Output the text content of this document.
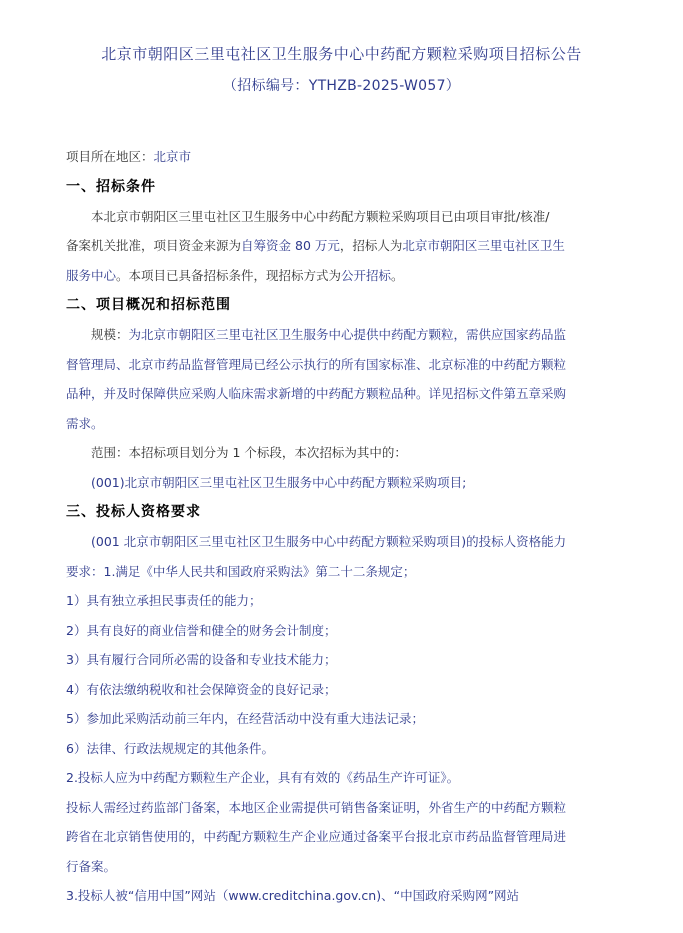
北京市朝阳区三里屯社区卫生服务中心中药配方颗粒采购项目招标公告
（招标编号：YTHZB-2025-W057）

项目所在地区：北京市

一、招标条件

本北京市朝阳区三里屯社区卫生服务中心中药配方颗粒采购项目已由项目审批/核准/

备案机关批准，项目资金来源为自筹资金 80 万元，招标人为北京市朝阳区三里屯社区卫生

服务中心。本项目已具备招标条件，现招标方式为公开招标。

二、项目概况和招标范围

规模：为北京市朝阳区三里屯社区卫生服务中心提供中药配方颗粒，需供应国家药品监

督管理局、北京市药品监督管理局已经公示执行的所有国家标准、北京标准的中药配方颗粒

品种，并及时保障供应采购人临床需求新增的中药配方颗粒品种。详见招标文件第五章采购

需求。

范围：本招标项目划分为 1 个标段，本次招标为其中的：

(001)北京市朝阳区三里屯社区卫生服务中心中药配方颗粒采购项目;

三、投标人资格要求

(001 北京市朝阳区三里屯社区卫生服务中心中药配方颗粒采购项目)的投标人资格能力

要求：1.满足《中华人民共和国政府采购法》第二十二条规定；

1）具有独立承担民事责任的能力；

2）具有良好的商业信誉和健全的财务会计制度；

3）具有履行合同所必需的设备和专业技术能力；

4）有依法缴纳税收和社会保障资金的良好记录；

5）参加此采购活动前三年内，在经营活动中没有重大违法记录；

6）法律、行政法规规定的其他条件。

2.投标人应为中药配方颗粒生产企业，具有有效的《药品生产许可证》。

投标人需经过药监部门备案，本地区企业需提供可销售备案证明，外省生产的中药配方颗粒

跨省在北京销售使用的，中药配方颗粒生产企业应通过备案平台报北京市药品监督管理局进

行备案。

3.投标人被“信用中国”网站（www.creditchina.gov.cn)、“中国政府采购网”网站
